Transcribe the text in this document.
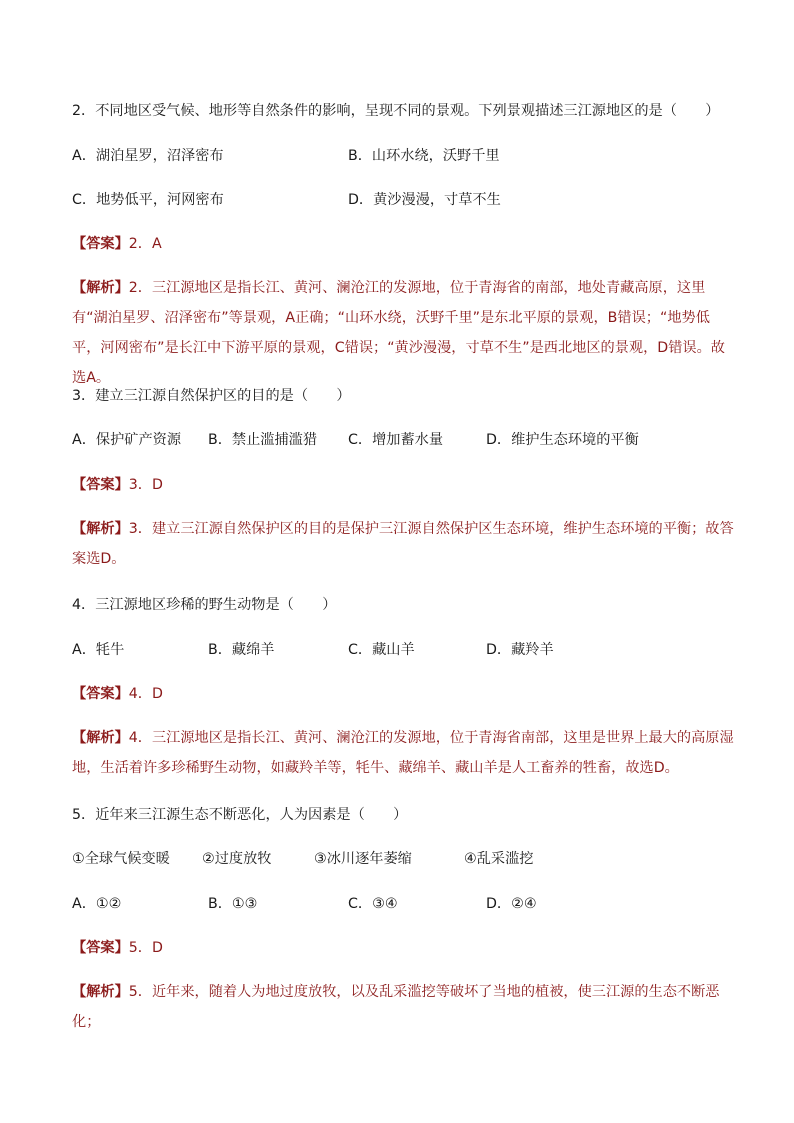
2．不同地区受气候、地形等自然条件的影响，呈现不同的景观。下列景观描述三江源地区的是（　　）
A．湖泊星罗，沼泽密布	B．山环水绕，沃野千里
C．地势低平，河网密布	D．黄沙漫漫，寸草不生
【答案】2．A
【解析】2．三江源地区是指长江、黄河、澜沧江的发源地，位于青海省的南部，地处青藏高原，这里有“湖泊星罗、沼泽密布”等景观，A正确；“山环水绕，沃野千里”是东北平原的景观，B错误；“地势低平，河网密布”是长江中下游平原的景观，C错误；“黄沙漫漫，寸草不生”是西北地区的景观，D错误。故选A。
3．建立三江源自然保护区的目的是（　　）
A．保护矿产资源 B．禁止滥捕滥猎 C．增加蓄水量	D．维护生态环境的平衡
【答案】3．D
【解析】3．建立三江源自然保护区的目的是保护三江源自然保护区生态环境，维护生态环境的平衡；故答案选D。
4．三江源地区珍稀的野生动物是（　　）
A．牦牛	B．藏绵羊	C．藏山羊	D．藏羚羊
【答案】4．D
【解析】4．三江源地区是指长江、黄河、澜沧江的发源地，位于青海省南部，这里是世界上最大的高原湿地，生活着许多珍稀野生动物，如藏羚羊等，牦牛、藏绵羊、藏山羊是人工畜养的牲畜，故选D。
5．近年来三江源生态不断恶化，人为因素是（　　）
①全球气候变暖 ②过度放牧	③冰川逐年萎缩	④乱采滥挖
A．①②	B．①③	C．③④	D．②④
【答案】5．D
【解析】5．近年来，随着人为地过度放牧，以及乱采滥挖等破坏了当地的植被，使三江源的生态不断恶化；
